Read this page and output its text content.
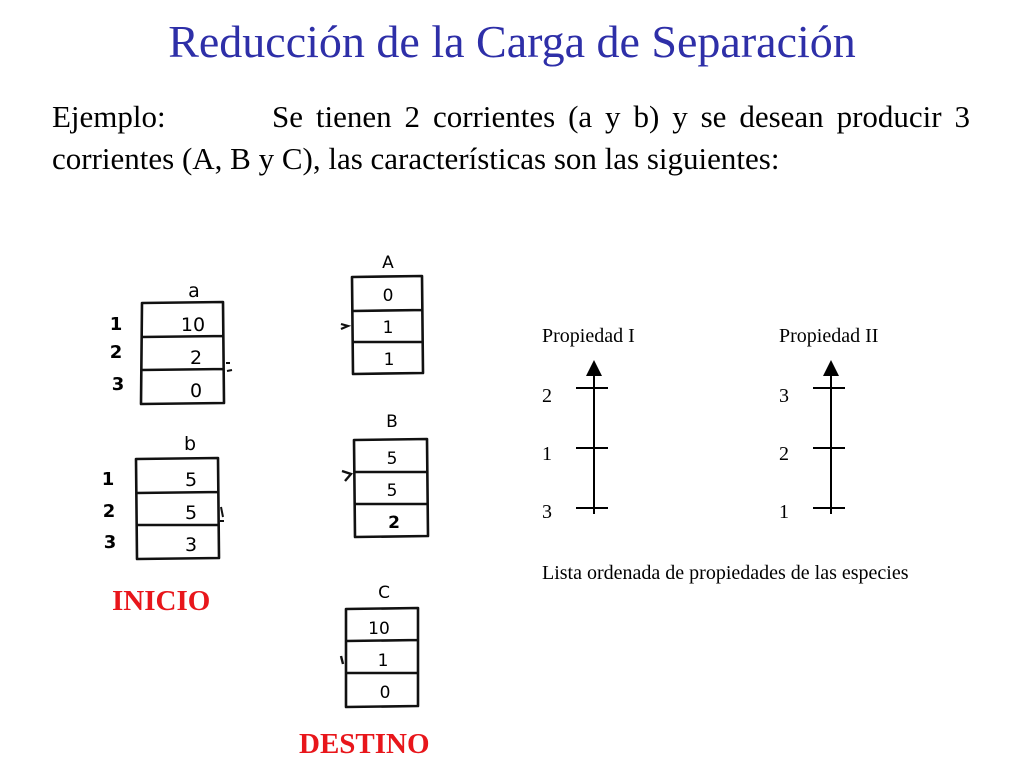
Reducción de la Carga de Separación

Ejemplo:	Se tienen 2 corrientes (a y b) y se desean producir 3 corrientes (A, B y C), las características son las siguientes:

a
10
2
0
1
2
3
b
5
5
3
1
2
3
A
0
1
1
B
5
5
2
C
10
1
0

INICIO

DESTINO

Propiedad I
2
1
3
Propiedad II
3
2
1

Lista ordenada de propiedades de las especies
